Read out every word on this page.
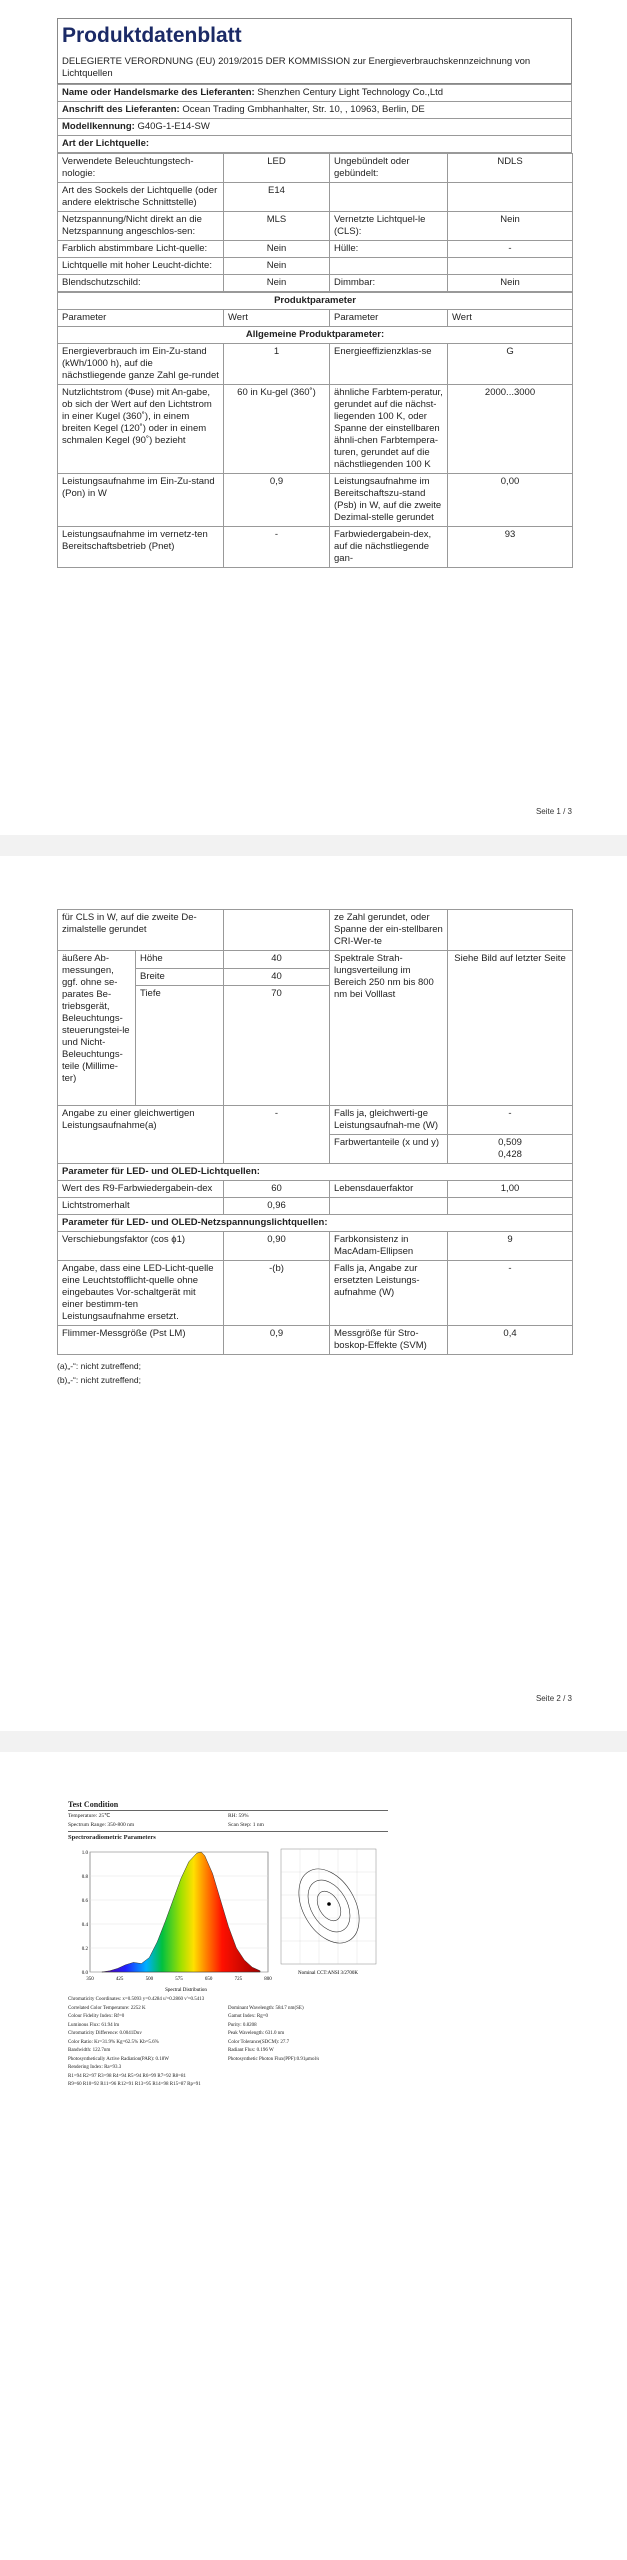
Produktdatenblatt
DELEGIERTE VERORDNUNG (EU) 2019/2015 DER KOMMISSION zur Energieverbrauchskennzeichnung von Lichtquellen
Name oder Handelsmarke des Lieferanten: Shenzhen Century Light Technology Co.,Ltd
Anschrift des Lieferanten: Ocean Trading Gmbhanhalter, Str. 10, , 10963, Berlin, DE
Modellkennung: G40G-1-E14-SW
Art der Lichtquelle:
Verwendete Beleuchtungstech-nologie:	LED	Ungebündelt oder gebündelt:	NDLS
Art des Sockels der Lichtquelle (oder andere elektrische Schnittstelle)	E14		
Netzspannung/Nicht direkt an die Netzspannung angeschlos-sen:	MLS	Vernetzte Lichtquel-le (CLS):	Nein
Farblich abstimmbare Licht-quelle:	Nein	Hülle:	-
Lichtquelle mit hoher Leucht-dichte:	Nein		
Blendschutzschild:	Nein	Dimmbar:	Nein
Produktparameter			
Parameter	Wert	Parameter	Wert
Allgemeine Produktparameter:			
Energieverbrauch im Ein-Zu-stand (kWh/1000 h), auf die nächstliegende ganze Zahl ge-rundet	1	Energieeffizienzklas-se	G
Nutzlichtstrom (Φuse) mit An-gabe, ob sich der Wert auf den Lichtstrom in einer Kugel (360˚), in einem breiten Kegel (120˚) oder in einem schmalen Kegel (90˚) bezieht	60 in Ku-gel (360˚)	ähnliche Farbtem-peratur, gerundet auf die nächst-liegenden 100 K, oder Spanne der einstellbaren ähnli-chen Farbtempera-turen, gerundet auf die nächstliegenden 100 K	2000...3000
Leistungsaufnahme im Ein-Zu-stand (Pon) in W	0,9	Leistungsaufnahme im Bereitschaftszu-stand (Psb) in W, auf die zweite Dezimal-stelle gerundet	0,00
Leistungsaufnahme im vernetz-ten Bereitschaftsbetrieb (Pnet)	-	Farbwiedergabein-dex, auf die nächstliegende gan-	93
Seite 1 / 3
für CLS in W, auf die zweite De-zimalstelle gerundet			ze Zahl gerundet, oder Spanne der ein-stellbaren CRI-Wer-te	
äußere Ab-messungen, ggf. ohne se-parates Be-triebsgerät, Beleuchtungs-steuerungstei-le und Nicht-Beleuchtungs-teile (Millime-ter)	Höhe	40	Spektrale Strah-lungsverteilung im Bereich 250 nm bis 800 nm bei Volllast	Siehe Bild auf letzter Seite
	Breite	40		
	Tiefe	70		
Angabe zu einer gleichwertigen Leistungsaufnahme(a)		-	Falls ja, gleichwerti-ge Leistungsaufnah-me (W)	-
			Farbwertanteile (x und y)	0,509
0,428

Parameter für LED- und OLED-Lichtquellen:				
Wert des R9-Farbwiedergabein-dex		60	Lebensdauerfaktor	1,00
Lichtstromerhalt		0,96		
Parameter für LED- und OLED-Netzspannungslichtquellen:				
Verschiebungsfaktor (cos ϕ1)		0,90	Farbkonsistenz in MacAdam-Ellipsen	9
Angabe, dass eine LED-Licht-quelle eine Leuchtstofflicht-quelle ohne eingebautes Vor-schaltgerät mit einer bestimm-ten Leistungsaufnahme ersetzt.		-(b)	Falls ja, Angabe zur ersetzten Leistungs-aufnahme (W)	-
Flimmer-Messgröße (Pst LM)		0,9	Messgröße für Stro-boskop-Effekte (SVM)	0,4
(a)„-“: nicht zutreffend;
(b)„-“: nicht zutreffend;
Seite 2 / 3
Test Condition
Temperature: 25℃	RH: 59%
Spectrum Range: 350-800 nm	Scan Step: 1 nm
Spectroradiometric Parameters
0.0
0.2
0.4
0.6
0.8
1.0
350	425	500	575	650	725	800
Spectral Distribution
Nominal CCT:ANSI 3/2700K
Chromaticity Coordinates: x=0.5093 y=0.4284 u'=0.2860 v'=0.5413
Correlated Color Temperature: 2252 K	Dominant Wavelength: 584.7 nm(SE)
Colour Fidelity Index: Rf=0	Gamut Index: Rg=0
Luminous Flux: 61.94 lm	Purity: 0.8208
Chromaticity Difference: 0.0041Duv	Peak Wavelength: 631.0 nm
Color Ratio: Kr=31.9% Kg=62.5% Kb=5.6%	Color Tolerance(SDCM): 27.7
Bandwidth: 122.7nm	Radiant Flux: 0.196 W
Photosynthetically Active Radiation(PAR): 0.18W	Photosynthetic Photon Flux(PPF):0.91μmol/s
Rendering Index: Ra=93.3
R1=94 R2=97 R3=98 R4=94 R5=94 R6=99 R7=92 R8=81
R9=60 R10=92 R11=96 R12=91 R13=95 R14=98 R15=87 Rp=91
